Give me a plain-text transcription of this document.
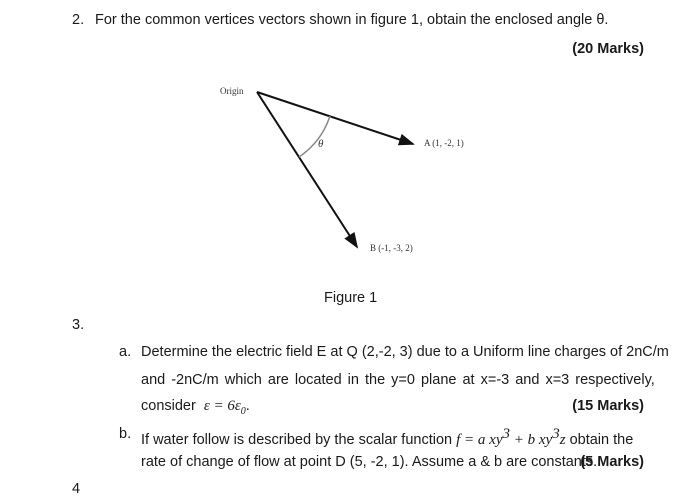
2. For the common vertices vectors shown in figure 1, obtain the enclosed angle θ.
(20 Marks)
Origin
θ	A (1, -2, 1)
B (-1, -3, 2)
Figure 1
3.
a. Determine the electric field E at Q (2,-2, 3) due to a Uniform line charges of 2nC/m
and -2nC/m which are located in the y=0 plane at x=-3 and x=3 respectively,
consider $\varepsilon = 6\varepsilon_0$.	(15 Marks)
b. If water follow is described by the scalar function f = a $xy^3 + b$ $xy^3z$ obtain the
rate of change of flow at point D (5, -2, 1). Assume a & b are constants.
(5 Marks)
4
